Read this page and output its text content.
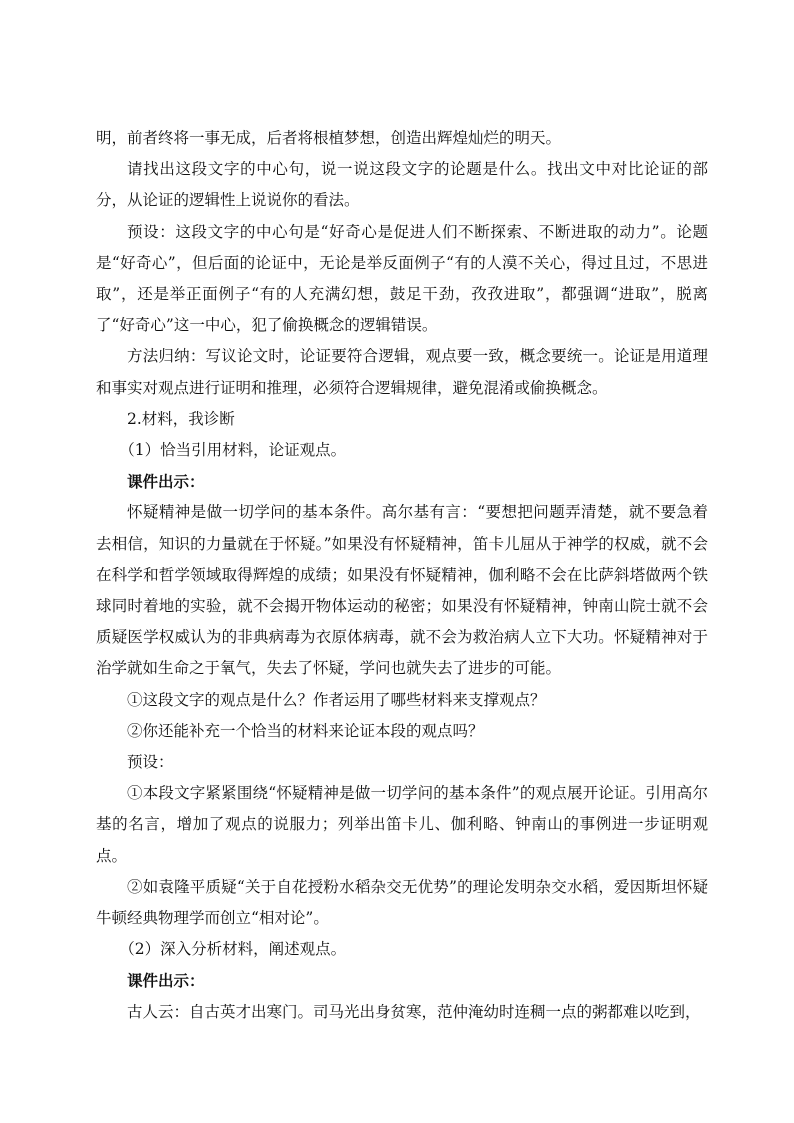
明，前者终将一事无成，后者将根植梦想，创造出辉煌灿烂的明天。

请找出这段文字的中心句，说一说这段文字的论题是什么。找出文中对比论证的部分，从论证的逻辑性上说说你的看法。

预设：这段文字的中心句是“好奇心是促进人们不断探索、不断进取的动力”。论题是“好奇心”，但后面的论证中，无论是举反面例子“有的人漠不关心，得过且过，不思进取”，还是举正面例子“有的人充满幻想，鼓足干劲，孜孜进取”，都强调“进取”，脱离了“好奇心”这一中心，犯了偷换概念的逻辑错误。

方法归纳：写议论文时，论证要符合逻辑，观点要一致，概念要统一。论证是用道理和事实对观点进行证明和推理，必须符合逻辑规律，避免混淆或偷换概念。

2.材料，我诊断

（1）恰当引用材料，论证观点。

课件出示：

怀疑精神是做一切学问的基本条件。高尔基有言：“要想把问题弄清楚，就不要急着去相信，知识的力量就在于怀疑。”如果没有怀疑精神，笛卡儿屈从于神学的权威，就不会在科学和哲学领域取得辉煌的成绩；如果没有怀疑精神，伽利略不会在比萨斜塔做两个铁球同时着地的实验，就不会揭开物体运动的秘密；如果没有怀疑精神，钟南山院士就不会质疑医学权威认为的非典病毒为衣原体病毒，就不会为救治病人立下大功。怀疑精神对于治学就如生命之于氧气，失去了怀疑，学问也就失去了进步的可能。

①这段文字的观点是什么？作者运用了哪些材料来支撑观点？

②你还能补充一个恰当的材料来论证本段的观点吗？

预设：

①本段文字紧紧围绕“怀疑精神是做一切学问的基本条件”的观点展开论证。引用高尔基的名言，增加了观点的说服力；列举出笛卡儿、伽利略、钟南山的事例进一步证明观点。

②如袁隆平质疑“关于自花授粉水稻杂交无优势”的理论发明杂交水稻，爱因斯坦怀疑牛顿经典物理学而创立“相对论”。

（2）深入分析材料，阐述观点。

课件出示：

古人云：自古英才出寒门。司马光出身贫寒，范仲淹幼时连稠一点的粥都难以吃到，
